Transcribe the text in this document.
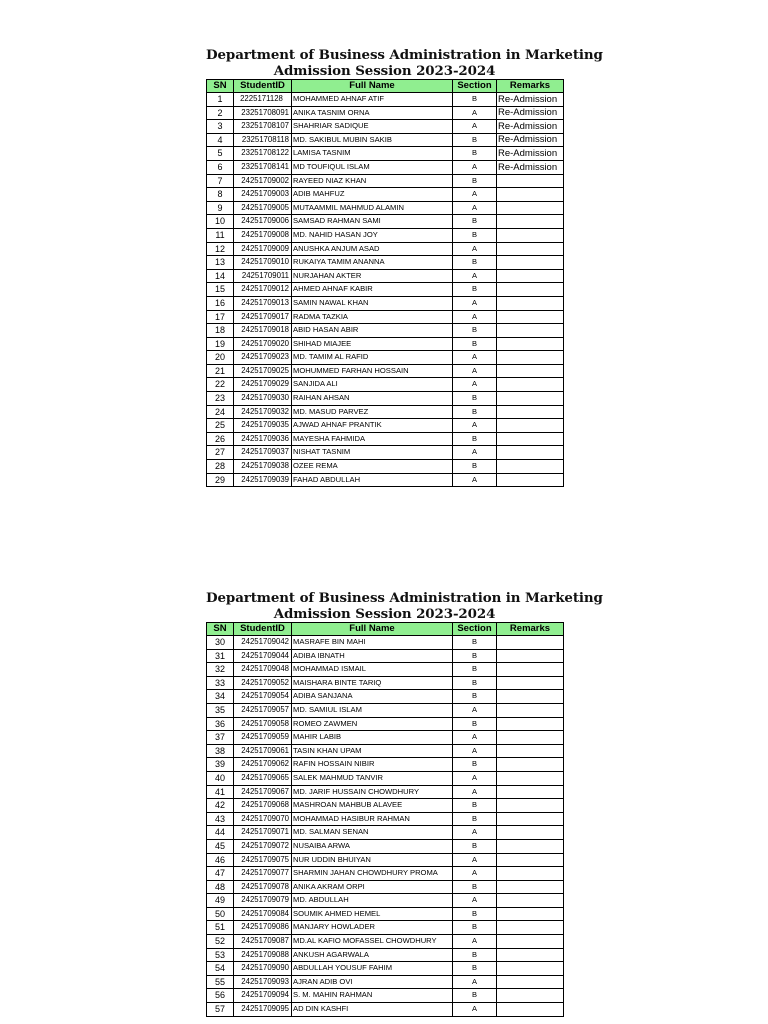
Department of Business Administration in Marketing
Admission Session 2023-2024
SN	StudentID	Full Name	Section	Remarks
1	2225171128	MOHAMMED AHNAF ATIF	B	Re-Admission
2	23251708091	ANIKA TASNIM ORNA	A	Re-Admission
3	23251708107	SHAHRIAR SADIQUE	A	Re-Admission
4	23251708118	MD. SAKIBUL MUBIN SAKIB	B	Re-Admission
5	23251708122	LAMISA TASNIM	B	Re-Admission
6	23251708141	MD TOUFIQUL ISLAM	A	Re-Admission
7	24251709002	RAYEED NIAZ KHAN	B	
8	24251709003	ADIB MAHFUZ	A	
9	24251709005	MUTAAMMIL MAHMUD ALAMIN	A	
10	24251709006	SAMSAD RAHMAN SAMI	B	
11	24251709008	MD. NAHID HASAN JOY	B	
12	24251709009	ANUSHKA ANJUM ASAD	A	
13	24251709010	RUKAIYA TAMIM ANANNA	B	
14	24251709011	NURJAHAN AKTER	A	
15	24251709012	AHMED AHNAF KABIR	B	
16	24251709013	SAMIN NAWAL KHAN	A	
17	24251709017	RADMA TAZKIA	A	
18	24251709018	ABID HASAN ABIR	B	
19	24251709020	SHIHAD MIAJEE	B	
20	24251709023	MD. TAMIM AL RAFID	A	
21	24251709025	MOHUMMED FARHAN HOSSAIN	A	
22	24251709029	SANJIDA ALI	A	
23	24251709030	RAIHAN AHSAN	B	
24	24251709032	MD. MASUD PARVEZ	B	
25	24251709035	AJWAD AHNAF PRANTIK	A	
26	24251709036	MAYESHA FAHMIDA	B	
27	24251709037	NISHAT TASNIM	A	
28	24251709038	OZEE REMA	B	
29	24251709039	FAHAD ABDULLAH	A	
Department of Business Administration in Marketing
Admission Session 2023-2024
SN	StudentID	Full Name	Section	Remarks
30	24251709042	MASRAFE BIN MAHI	B	
31	24251709044	ADIBA IBNATH	B	
32	24251709048	MOHAMMAD ISMAIL	B	
33	24251709052	MAISHARA BINTE TARIQ	B	
34	24251709054	ADIBA SANJANA	B	
35	24251709057	MD. SAMIUL ISLAM	A	
36	24251709058	ROMEO ZAWMEN	B	
37	24251709059	MAHIR LABIB	A	
38	24251709061	TASIN KHAN UPAM	A	
39	24251709062	RAFIN HOSSAIN NIBIR	B	
40	24251709065	SALEK MAHMUD TANVIR	A	
41	24251709067	MD. JARIF HUSSAIN CHOWDHURY	A	
42	24251709068	MASHROAN MAHBUB ALAVEE	B	
43	24251709070	MOHAMMAD HASIBUR RAHMAN	B	
44	24251709071	MD. SALMAN SENAN	A	
45	24251709072	NUSAIBA ARWA	B	
46	24251709075	NUR UDDIN BHUIYAN	A	
47	24251709077	SHARMIN JAHAN CHOWDHURY PROMA	A	
48	24251709078	ANIKA AKRAM ORPI	B	
49	24251709079	MD. ABDULLAH	A	
50	24251709084	SOUMIK AHMED HEMEL	B	
51	24251709086	MANJARY HOWLADER	B	
52	24251709087	MD.AL KAFIO MOFASSEL CHOWDHURY	A	
53	24251709088	ANKUSH AGARWALA	B	
54	24251709090	ABDULLAH YOUSUF FAHIM	B	
55	24251709093	AJRAN ADIB OVI	A	
56	24251709094	S. M. MAHIN RAHMAN	B	
57	24251709095	AD DIN KASHFI	A	
